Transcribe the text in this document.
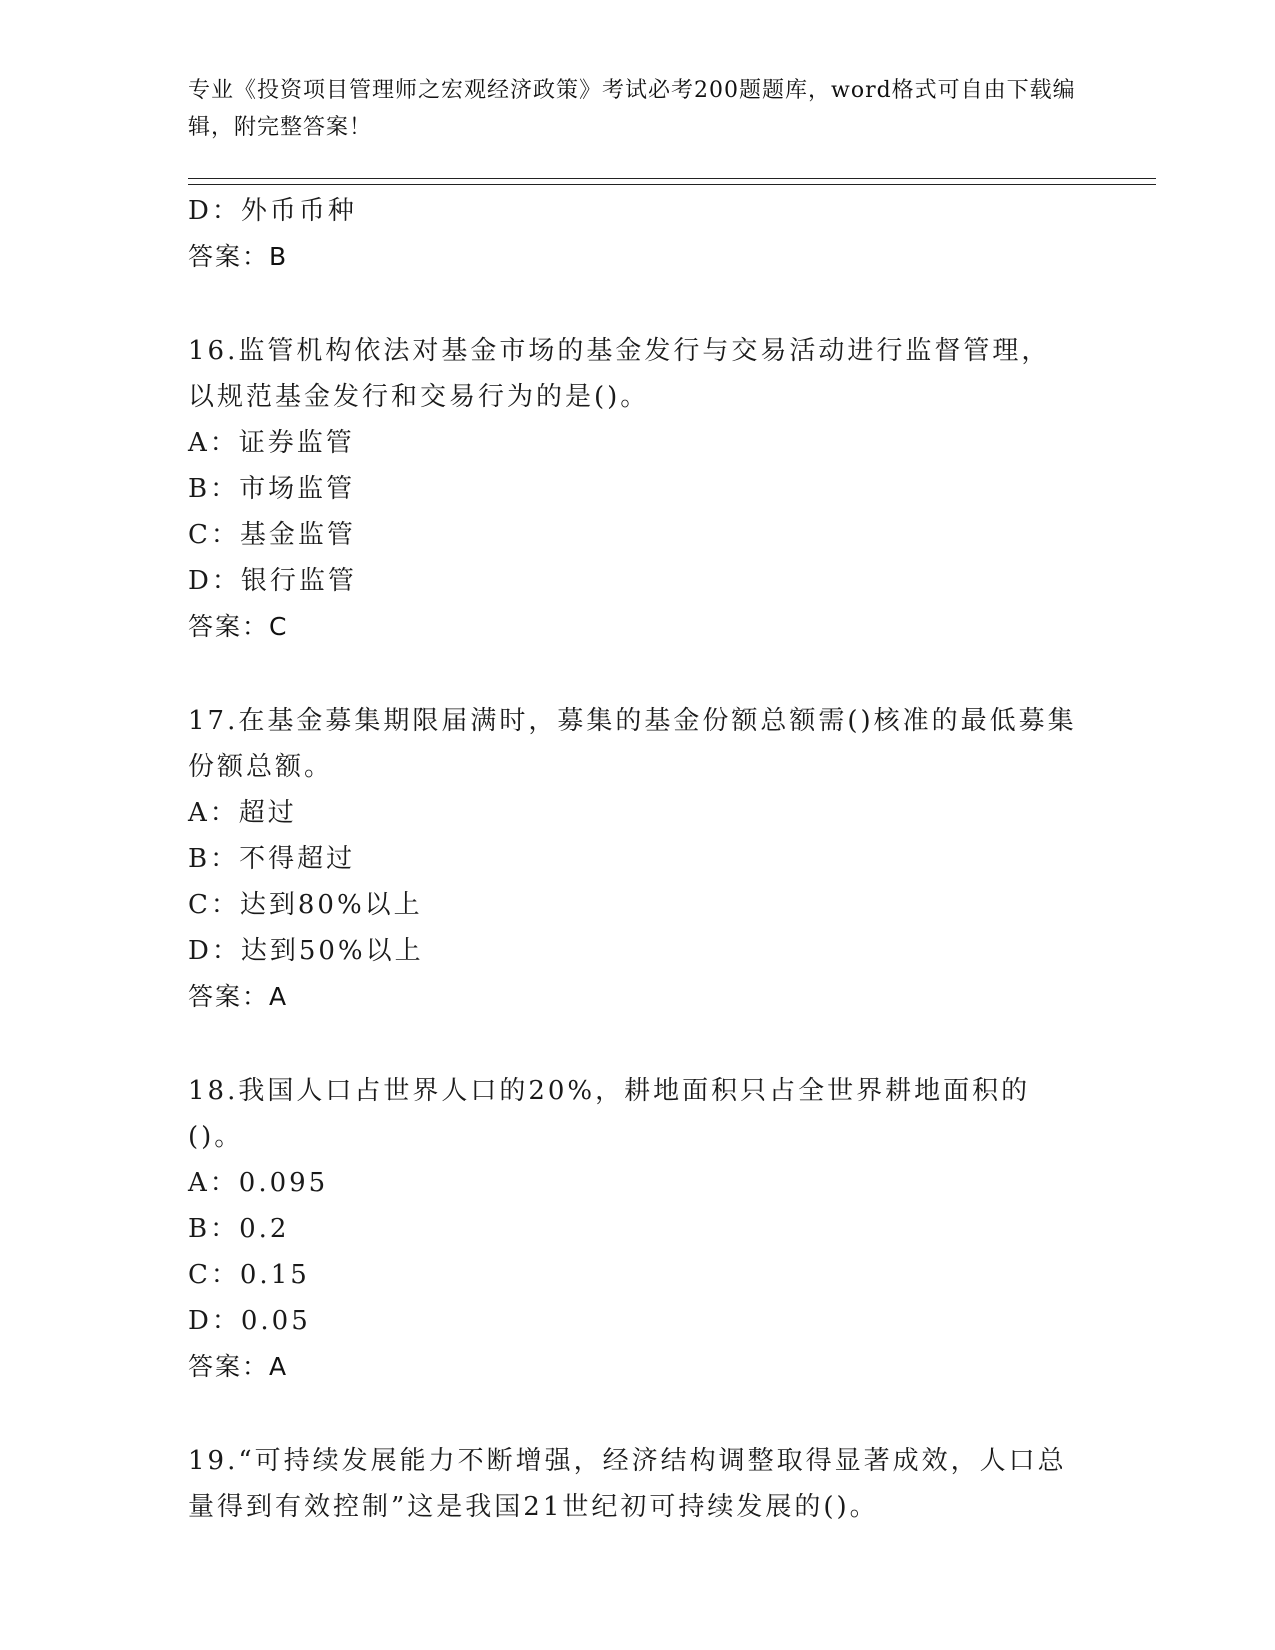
专业《投资项目管理师之宏观经济政策》考试必考200题题库，word格式可自由下载编辑，附完整答案！
D：外币币种
答案：B
16.监管机构依法对基金市场的基金发行与交易活动进行监督管理，以规范基金发行和交易行为的是()。
A：证券监管
B：市场监管
C：基金监管
D：银行监管
答案：C
17.在基金募集期限届满时，募集的基金份额总额需()核准的最低募集份额总额。
A：超过
B：不得超过
C：达到80%以上
D：达到50%以上
答案：A
18.我国人口占世界人口的20%，耕地面积只占全世界耕地面积的()。
A：0.095
B：0.2
C：0.15
D：0.05
答案：A
19.“可持续发展能力不断增强，经济结构调整取得显著成效，人口总量得到有效控制”这是我国21世纪初可持续发展的()。
